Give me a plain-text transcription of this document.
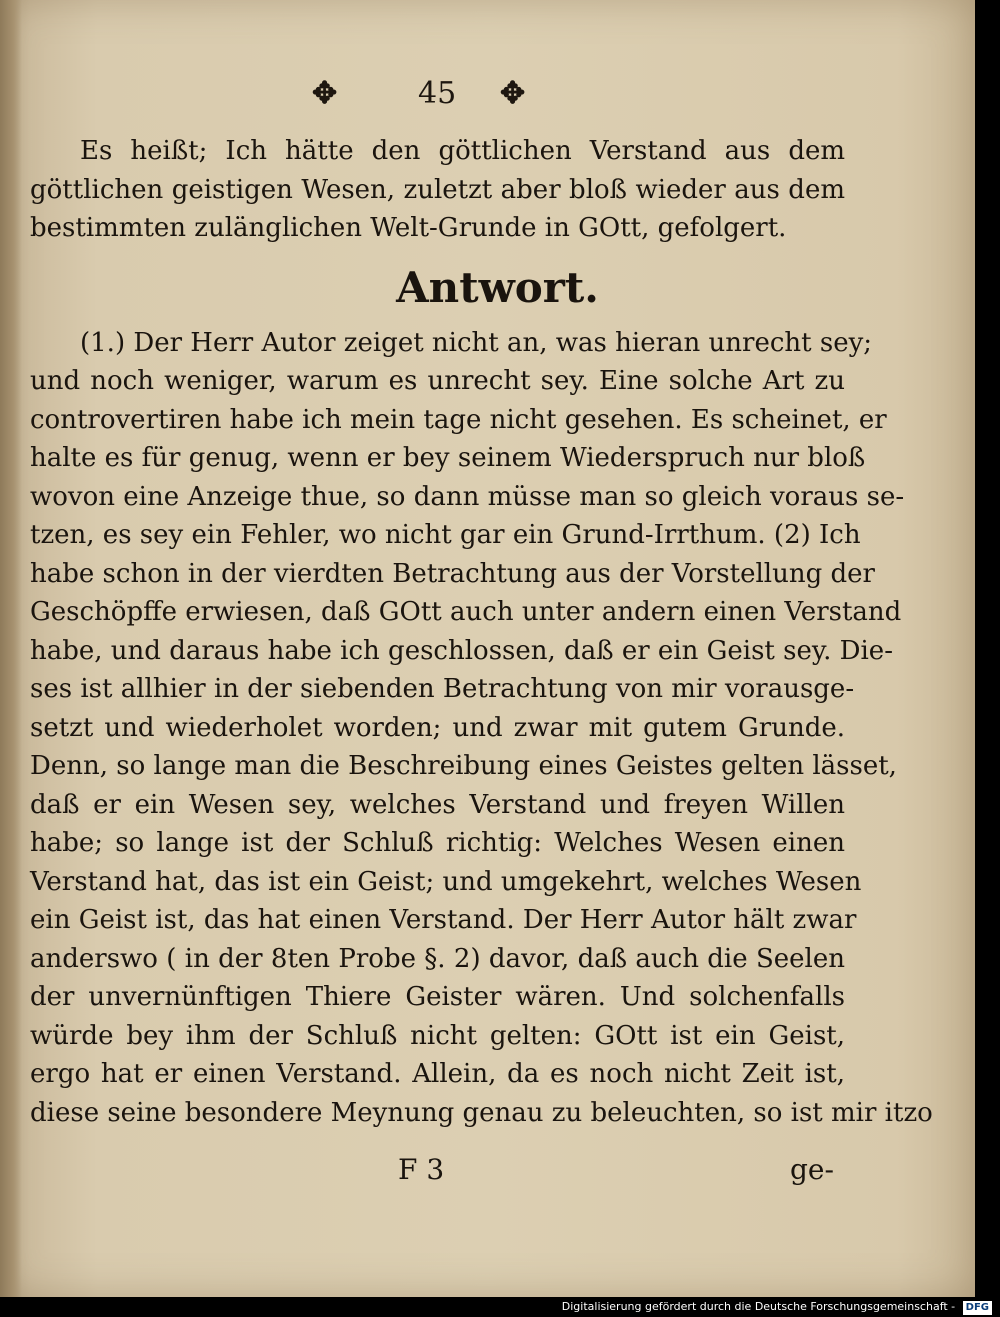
✥	45 ✥
Es heißt; Ich hätte den göttlichen Verstand aus dem
göttlichen geistigen Wesen, zuletzt aber bloß wieder aus dem
bestimmten zulänglichen Welt-Grunde in GOtt, gefolgert.
Antwort.
(1.) Der Herr Autor zeiget nicht an, was hieran unrecht sey;
und noch weniger, warum es unrecht sey. Eine solche Art zu
controvertiren habe ich mein tage nicht gesehen. Es scheinet, er
halte es für genug, wenn er bey seinem Wiederspruch nur bloß
wovon eine Anzeige thue, so dann müsse man so gleich voraus se-
tzen, es sey ein Fehler, wo nicht gar ein Grund-Irrthum. (2) Ich
habe schon in der vierdten Betrachtung aus der Vorstellung der
Geschöpffe erwiesen, daß GOtt auch unter andern einen Verstand
habe, und daraus habe ich geschlossen, daß er ein Geist sey. Die-
ses ist allhier in der siebenden Betrachtung von mir vorausge-
setzt und wiederholet worden; und zwar mit gutem Grunde.
Denn, so lange man die Beschreibung eines Geistes gelten lässet,
daß er ein Wesen sey, welches Verstand und freyen Willen
habe; so lange ist der Schluß richtig: Welches Wesen einen
Verstand hat, das ist ein Geist; und umgekehrt, welches Wesen
ein Geist ist, das hat einen Verstand. Der Herr Autor hält zwar
anderswo ( in der 8ten Probe §. 2) davor, daß auch die Seelen
der unvernünftigen Thiere Geister wären. Und solchenfalls
würde bey ihm der Schluß nicht gelten: GOtt ist ein Geist,
ergo hat er einen Verstand. Allein, da es noch nicht Zeit ist,
diese seine besondere Meynung genau zu beleuchten, so ist mir itzo
F 3	ge-
Digitalisierung gefördert durch die Deutsche Forschungsgemeinschaft - DFG
